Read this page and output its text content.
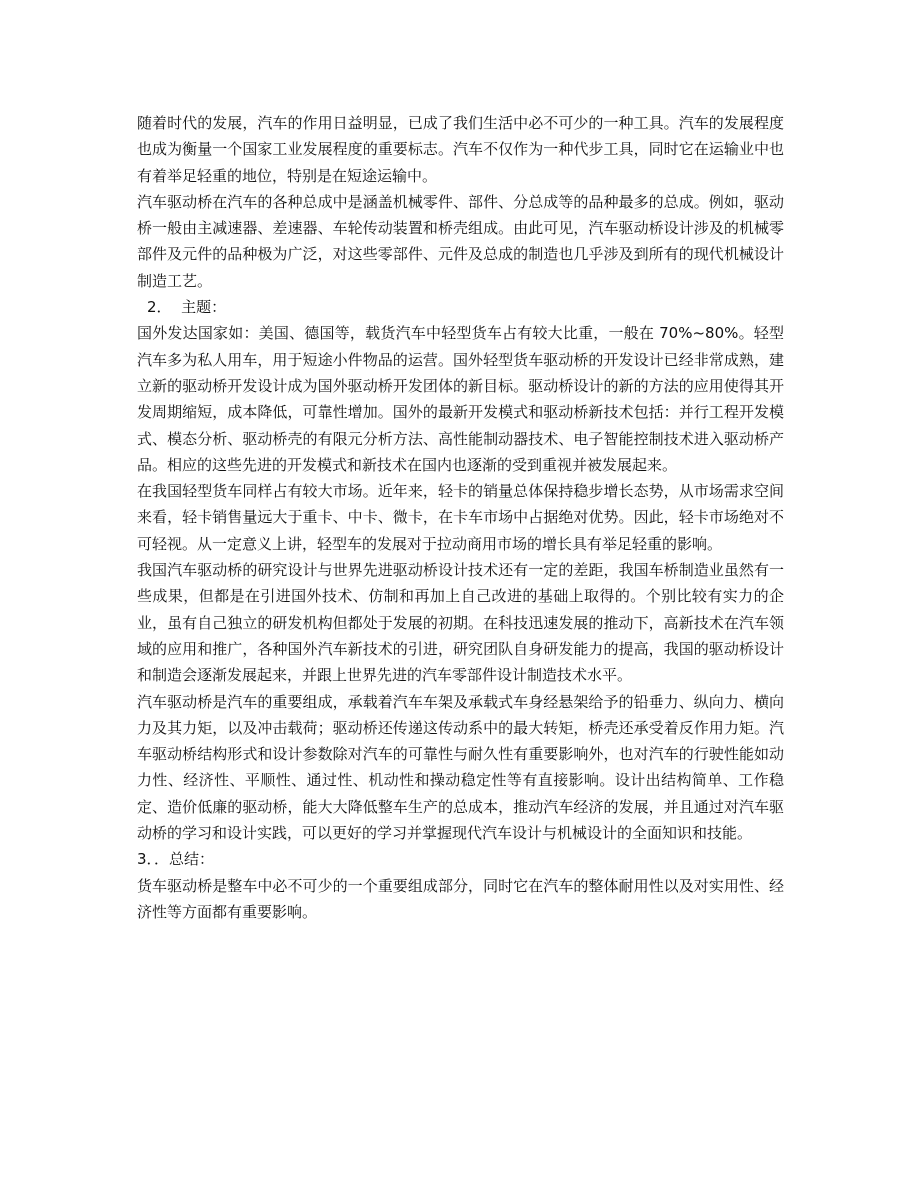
随着时代的发展，汽车的作用日益明显，已成了我们生活中必不可少的一种工具。汽车的发展程度也成为衡量一个国家工业发展程度的重要标志。汽车不仅作为一种代步工具，同时它在运输业中也有着举足轻重的地位，特别是在短途运输中。

汽车驱动桥在汽车的各种总成中是涵盖机械零件、部件、分总成等的品种最多的总成。例如，驱动桥一般由主减速器、差速器、车轮传动装置和桥壳组成。由此可见，汽车驱动桥设计涉及的机械零部件及元件的品种极为广泛，对这些零部件、元件及总成的制造也几乎涉及到所有的现代机械设计制造工艺。

2．  主题：

国外发达国家如：美国、德国等，载货汽车中轻型货车占有较大比重，一般在 70%~80%。轻型汽车多为私人用车，用于短途小件物品的运营。国外轻型货车驱动桥的开发设计已经非常成熟，建立新的驱动桥开发设计成为国外驱动桥开发团体的新目标。驱动桥设计的新的方法的应用使得其开发周期缩短，成本降低，可靠性增加。国外的最新开发模式和驱动桥新技术包括：并行工程开发模式、模态分析、驱动桥壳的有限元分析方法、高性能制动器技术、电子智能控制技术进入驱动桥产品。相应的这些先进的开发模式和新技术在国内也逐渐的受到重视并被发展起来。

在我国轻型货车同样占有较大市场。近年来，轻卡的销量总体保持稳步增长态势，从市场需求空间来看，轻卡销售量远大于重卡、中卡、微卡，在卡车市场中占据绝对优势。因此，轻卡市场绝对不可轻视。从一定意义上讲，轻型车的发展对于拉动商用市场的增长具有举足轻重的影响。

我国汽车驱动桥的研究设计与世界先进驱动桥设计技术还有一定的差距，我国车桥制造业虽然有一些成果，但都是在引进国外技术、仿制和再加上自己改进的基础上取得的。个别比较有实力的企业，虽有自己独立的研发机构但都处于发展的初期。在科技迅速发展的推动下，高新技术在汽车领域的应用和推广，各种国外汽车新技术的引进，研究团队自身研发能力的提高，我国的驱动桥设计和制造会逐渐发展起来，并跟上世界先进的汽车零部件设计制造技术水平。

汽车驱动桥是汽车的重要组成，承载着汽车车架及承载式车身经悬架给予的铅垂力、纵向力、横向力及其力矩，以及冲击载荷；驱动桥还传递这传动系中的最大转矩，桥壳还承受着反作用力矩。汽车驱动桥结构形式和设计参数除对汽车的可靠性与耐久性有重要影响外，也对汽车的行驶性能如动力性、经济性、平顺性、通过性、机动性和操动稳定性等有直接影响。设计出结构简单、工作稳定、造价低廉的驱动桥，能大大降低整车生产的总成本，推动汽车经济的发展，并且通过对汽车驱动桥的学习和设计实践，可以更好的学习并掌握现代汽车设计与机械设计的全面知识和技能。

3．．总结：

货车驱动桥是整车中必不可少的一个重要组成部分，同时它在汽车的整体耐用性以及对实用性、经济性等方面都有重要影响。
